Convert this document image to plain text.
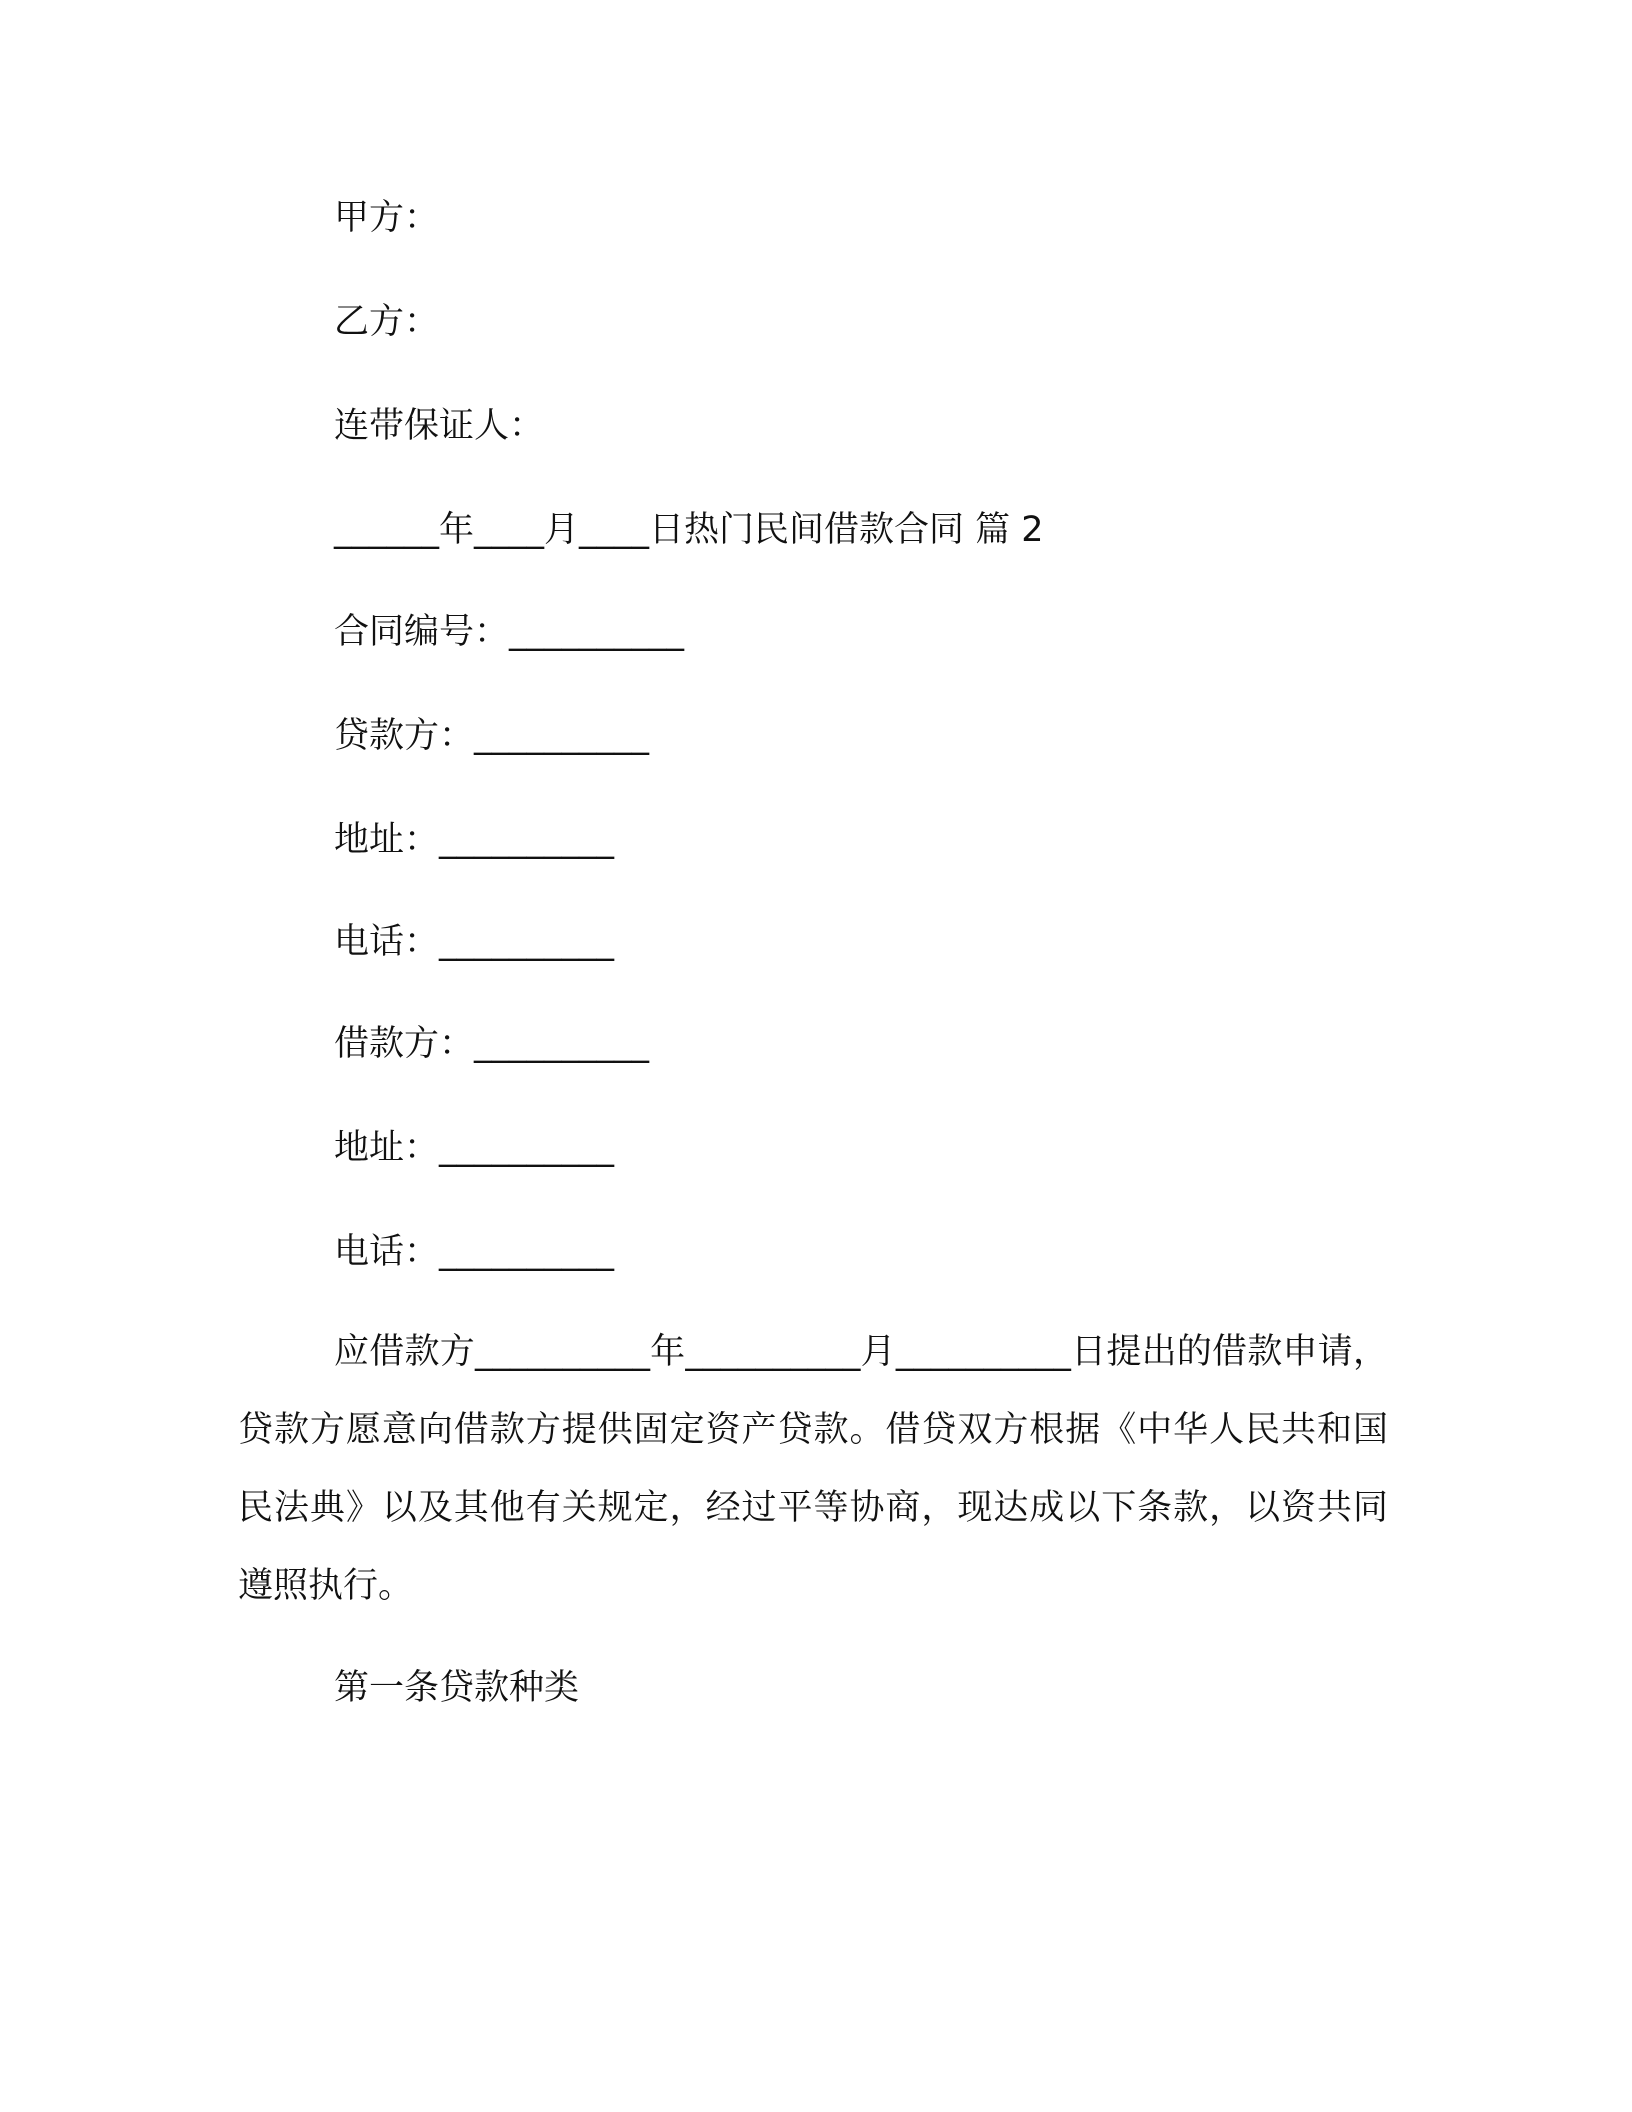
甲方：
乙方：
连带保证人：
______年____月____日热门民间借款合同 篇 2
合同编号：__________
贷款方：__________
地址：__________
电话：__________
借款方：__________
地址：__________
电话：__________
应借款方__________年__________月__________日提出的借款申请，贷款方愿意向借款方提供固定资产贷款。借贷双方根据《中华人民共和国民法典》以及其他有关规定，经过平等协商，现达成以下条款，以资共同遵照执行。
第一条贷款种类
